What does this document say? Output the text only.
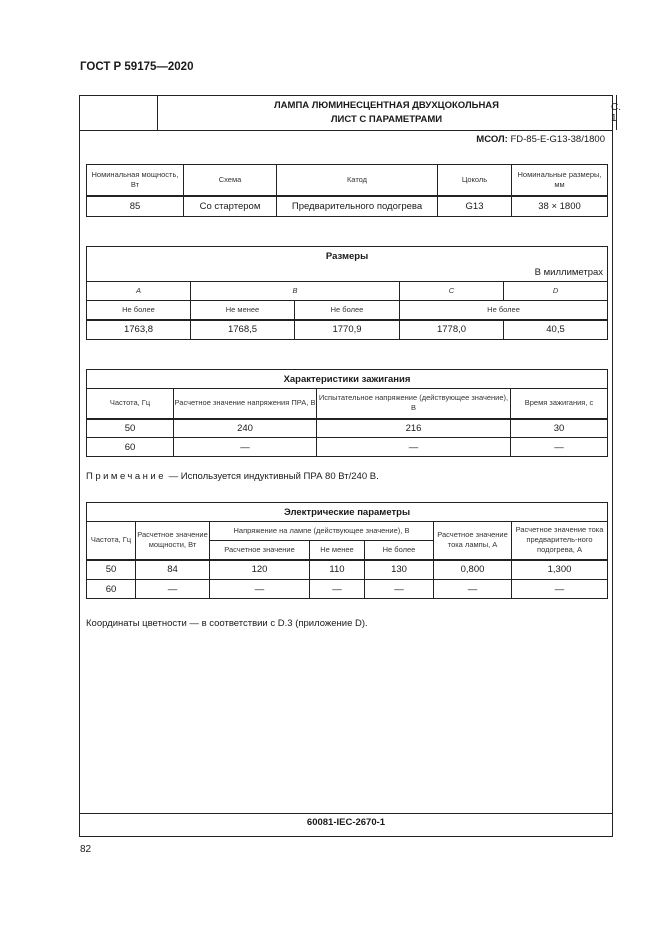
ГОСТ Р 59175—2020
ЛАМПА ЛЮМИНЕСЦЕНТНАЯ ДВУХЦОКОЛЬНАЯ
ЛИСТ С ПАРАМЕТРАМИ
С. 1
МСОЛ: FD-85-E-G13-38/1800
Номинальная мощность, Вт	Схема	Катод	Цоколь	Номинальные размеры, мм
85	Со стартером	Предварительного подогрева	G13	38 × 1800
Размеры
В миллиметрах				

A	B		C	D
Не более	Не менее	Не более	Не более	
1763,8	1768,5	1770,9	1778,0	40,5
Характеристики зажигания			
Частота, Гц	Расчетное значение напряжения ПРА, В	Испытательное напряжение (действующее значение), В	Время зажигания, с
50	240	216	30
60	—	—	—
Примечание — Используется индуктивный ПРА 80 Вт/240 В.
Электрические параметры						
Частота, Гц	Расчетное значение мощности, Вт	Напряжение на лампе (действующее значение), В			Расчетное значение тока лампы, А	Расчетное значение тока предваритель-ного подогрева, А
		Расчетное значение	Не менее	Не более		
50	84	120	110	130	0,800	1,300
60	—	—	—	—	—	—
Координаты цветности — в соответствии с D.3 (приложение D).
60081-IEC-2670-1
82
